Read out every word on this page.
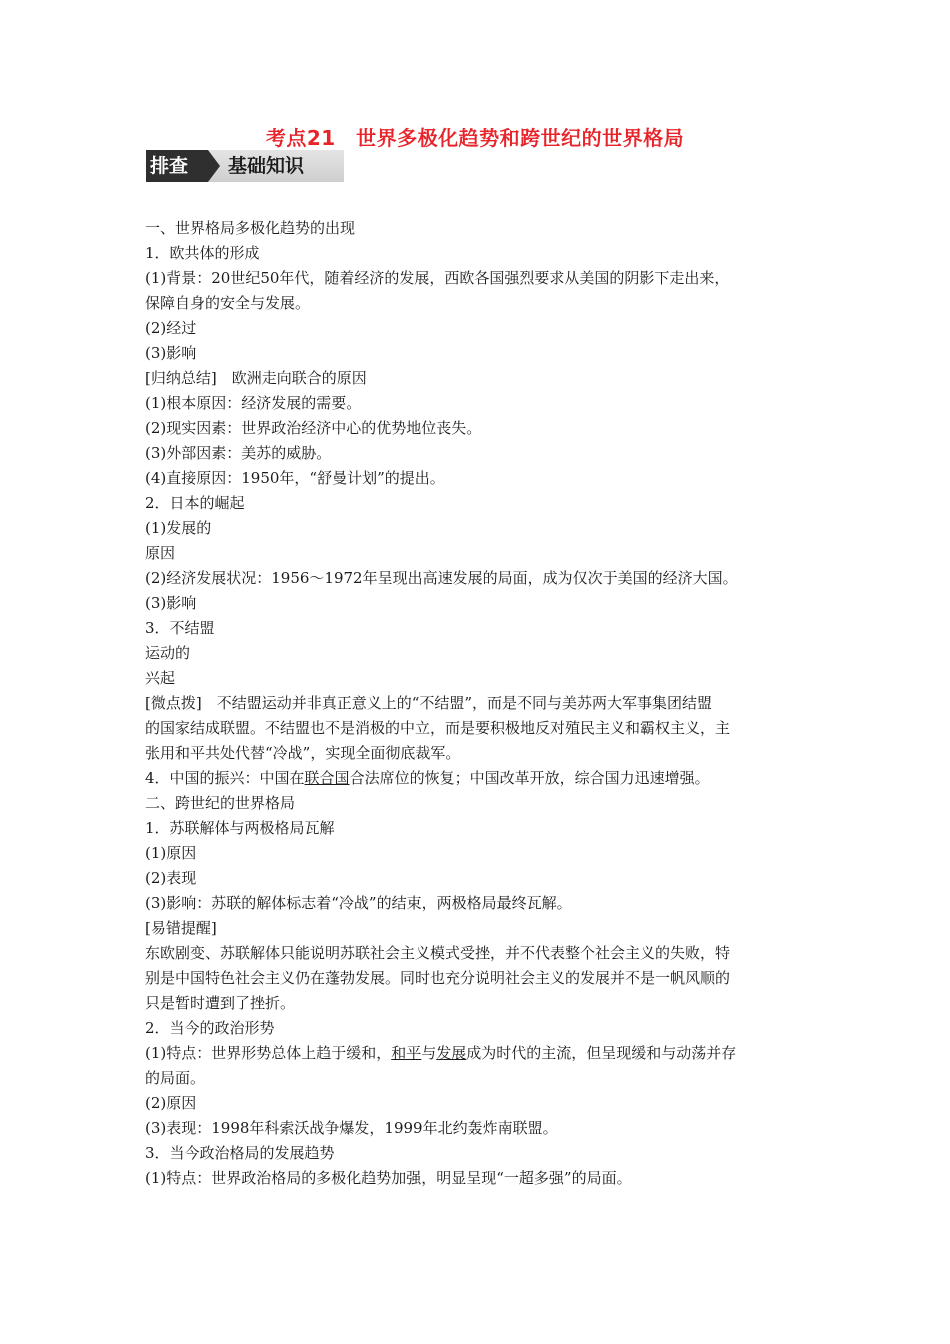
考点21　世界多极化趋势和跨世纪的世界格局
排查	基础知识

一、世界格局多极化趋势的出现

1．欧共体的形成

(1)背景：20世纪50年代，随着经济的发展，西欧各国强烈要求从美国的阴影下走出来，

保障自身的安全与发展。

(2)经过

(3)影响

[归纳总结]　欧洲走向联合的原因

(1)根本原因：经济发展的需要。

(2)现实因素：世界政治经济中心的优势地位丧失。

(3)外部因素：美苏的威胁。

(4)直接原因：1950年，“舒曼计划”的提出。

2．日本的崛起

(1)发展的

原因

(2)经济发展状况：1956～1972年呈现出高速发展的局面，成为仅次于美国的经济大国。

(3)影响

3．不结盟

运动的

兴起

[微点拨]　不结盟运动并非真正意义上的“不结盟”，而是不同与美苏两大军事集团结盟

的国家结成联盟。不结盟也不是消极的中立，而是要积极地反对殖民主义和霸权主义，主

张用和平共处代替“冷战”，实现全面彻底裁军。

4．中国的振兴：中国在联合国合法席位的恢复；中国改革开放，综合国力迅速增强。

二、跨世纪的世界格局

1．苏联解体与两极格局瓦解

(1)原因

(2)表现

(3)影响：苏联的解体标志着“冷战”的结束，两极格局最终瓦解。

[易错提醒]

东欧剧变、苏联解体只能说明苏联社会主义模式受挫，并不代表整个社会主义的失败，特

别是中国特色社会主义仍在蓬勃发展。同时也充分说明社会主义的发展并不是一帆风顺的

只是暂时遭到了挫折。

2．当今的政治形势

(1)特点：世界形势总体上趋于缓和，和平与发展成为时代的主流，但呈现缓和与动荡并存

的局面。

(2)原因

(3)表现：1998年科索沃战争爆发，1999年北约轰炸南联盟。

3．当今政治格局的发展趋势

(1)特点：世界政治格局的多极化趋势加强，明显呈现“一超多强”的局面。
